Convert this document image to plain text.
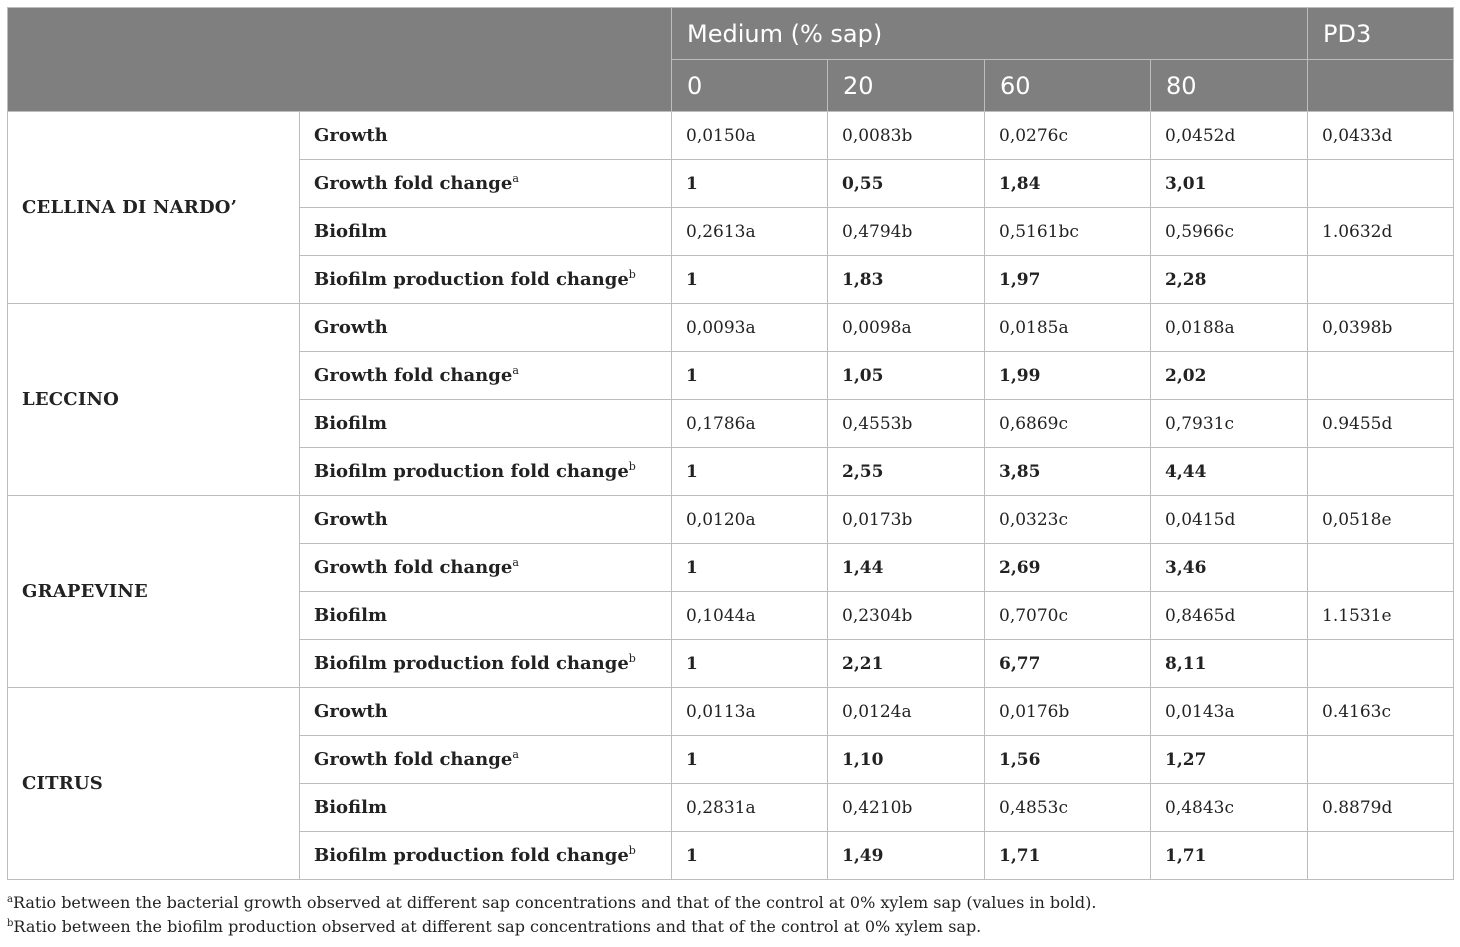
		Medium (% sap)				PD3
		0	20	60	80	
CELLINA DI NARDO’	Growth	0,0150a	0,0083b	0,0276c	0,0452d	0,0433d
	Growth fold change$^a$	1	0,55	1,84	3,01	
	Biofilm	0,2613a	0,4794b	0,5161bc	0,5966c	1.0632d
	Biofilm production fold change$^b$	1	1,83	1,97	2,28	
LECCINO	Growth	0,0093a	0,0098a	0,0185a	0,0188a	0,0398b
	Growth fold change$^a$	1	1,05	1,99	2,02	
	Biofilm	0,1786a	0,4553b	0,6869c	0,7931c	0.9455d
	Biofilm production fold change$^b$	1	2,55	3,85	4,44	
GRAPEVINE	Growth	0,0120a	0,0173b	0,0323c	0,0415d	0,0518e
	Growth fold change$^a$	1	1,44	2,69	3,46	
	Biofilm	0,1044a	0,2304b	0,7070c	0,8465d	1.1531e
	Biofilm production fold change$^b$	1	2,21	6,77	8,11	
CITRUS	Growth	0,0113a	0,0124a	0,0176b	0,0143a	0.4163c
	Growth fold change$^a$	1	1,10	1,56	1,27	
	Biofilm	0,2831a	0,4210b	0,4853c	0,4843c	0.8879d
	Biofilm production fold change$^b$	1	1,49	1,71	1,71	
$^a$Ratio between the bacterial growth observed at different sap concentrations and that of the control at 0% xylem sap (values in bold).
$^b$Ratio between the biofilm production observed at different sap concentrations and that of the control at 0% xylem sap.
